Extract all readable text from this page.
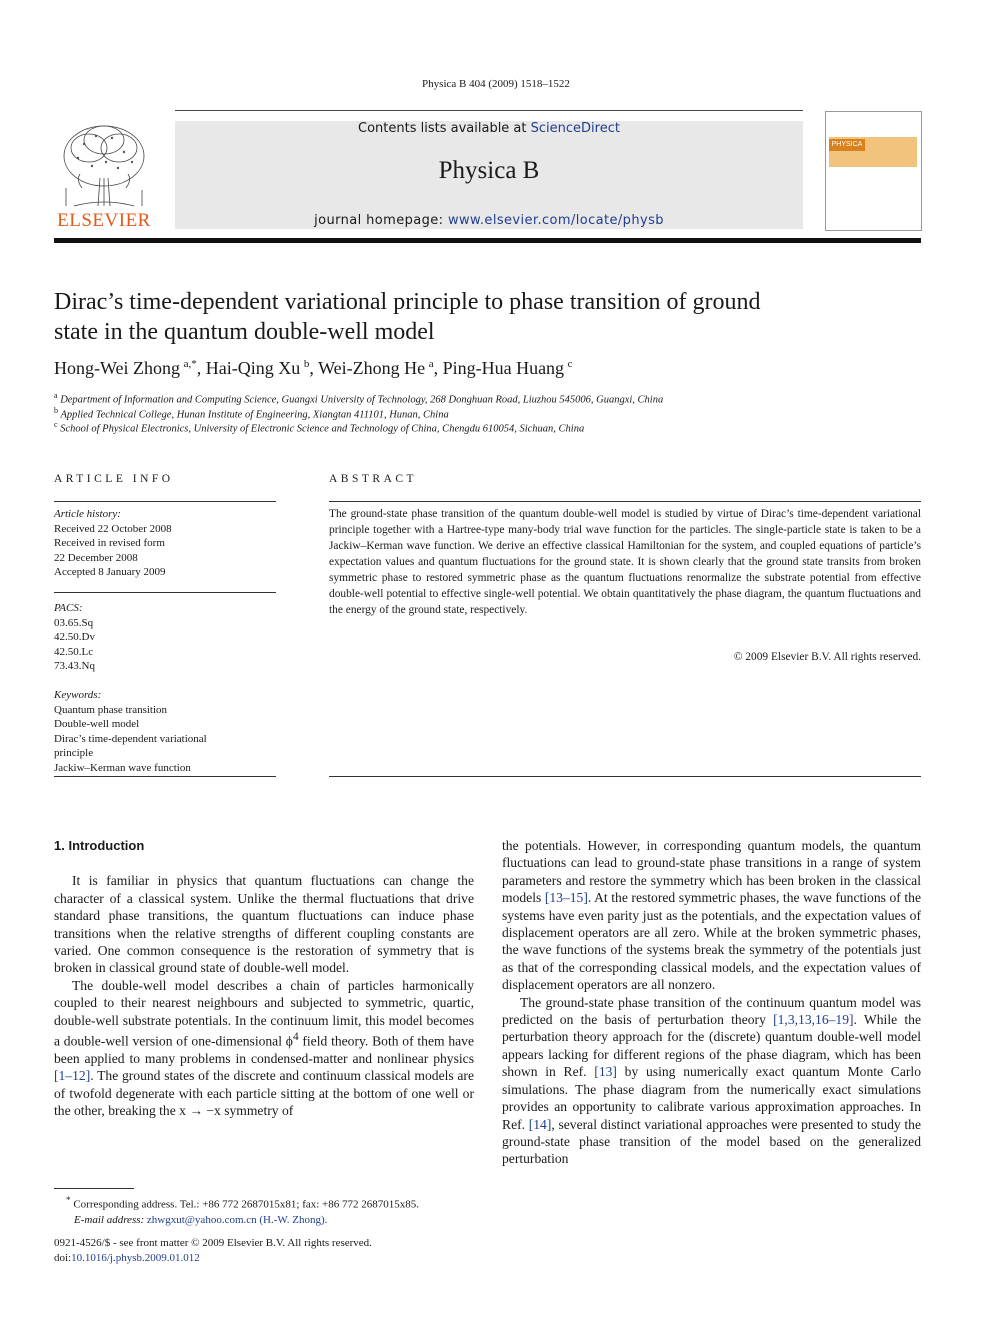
Physica B 404 (2009) 1518–1522
ELSEVIER
Contents lists available at ScienceDirect
Physica B
journal homepage: www.elsevier.com/locate/physb
PHYSICA
Dirac’s time-dependent variational principle to phase transition of ground
state in the quantum double-well model
Hong-Wei Zhong  $^{a,*}$, Hai-Qing Xu  $^b$, Wei-Zhong He  $^a$, Ping-Hua Huang  $^c$
$^a$ Department of Information and Computing Science, Guangxi University of Technology, 268 Donghuan Road, Liuzhou 545006, Guangxi, China
$^b$ Applied Technical College, Hunan Institute of Engineering, Xiangtan 411101, Hunan, China
$^c$ School of Physical Electronics, University of Electronic Science and Technology of China, Chengdu 610054, Sichuan, China
ARTICLE INFO
Article history:
Received 22 October 2008
Received in revised form
22 December 2008
Accepted 8 January 2009
PACS:
03.65.Sq
42.50.Dv
42.50.Lc
73.43.Nq
Keywords:
Quantum phase transition
Double-well model
Dirac’s time-dependent variational
principle
Jackiw–Kerman wave function
ABSTRACT
The ground-state phase transition of the quantum double-well model is studied by virtue of Dirac’s time-dependent variational principle together with a Hartree-type many-body trial wave function for the particles. The single-particle state is taken to be a Jackiw–Kerman wave function. We derive an effective classical Hamiltonian for the system, and coupled equations of particle’s expectation values and quantum fluctuations for the ground state. It is shown clearly that the ground state transits from broken symmetric phase to restored symmetric phase as the quantum fluctuations renormalize the substrate potential from effective double-well potential to effective single-well potential. We obtain quantitatively the phase diagram, the quantum fluctuations and the energy of the ground state, respectively.
© 2009 Elsevier B.V. All rights reserved.

1. Introduction

It is familiar in physics that quantum fluctuations can change the character of a classical system. Unlike the thermal fluctuations that drive standard phase transitions, the quantum fluctuations can induce phase transitions when the relative strengths of different coupling constants are varied. One common consequence is the restoration of symmetry that is broken in classical ground state of double-well model.

The double-well model describes a chain of particles harmonically coupled to their nearest neighbours and subjected to symmetric, quartic, double-well substrate potentials. In the continuum limit, this model becomes a double-well version of one-dimensional $\phi^4$ field theory. Both of them have been applied to many problems in condensed-matter and nonlinear physics [1–12]. The ground states of the discrete and continuum classical models are of twofold degenerate with each particle sitting at the bottom of one well or the other, breaking the x → −x symmetry of

the potentials. However, in corresponding quantum models, the quantum fluctuations can lead to ground-state phase transitions in a range of system parameters and restore the symmetry which has been broken in the classical models [13–15]. At the restored symmetric phases, the wave functions of the systems have even parity just as the potentials, and the expectation values of displacement operators are all zero. While at the broken symmetric phases, the wave functions of the systems break the symmetry of the potentials just as that of the corresponding classical models, and the expectation values of displacement operators are all nonzero.

The ground-state phase transition of the continuum quantum model was predicted on the basis of perturbation theory [1,3,13,16–19]. While the perturbation theory approach for the (discrete) quantum double-well model appears lacking for different regions of the phase diagram, which has been shown in Ref. [13] by using numerically exact quantum Monte Carlo simulations. The phase diagram from the numerically exact simulations provides an opportunity to calibrate various approximation approaches. In Ref. [14], several distinct variational approaches were presented to study the ground-state phase transition of the model based on the generalized perturbation

* Corresponding address. Tel.: +86 772 2687015x81; fax: +86 772 2687015x85.
E-mail address: zhwgxut@yahoo.com.cn (H.-W. Zhong).
0921-4526/$ - see front matter © 2009 Elsevier B.V. All rights reserved.
doi:10.1016/j.physb.2009.01.012
